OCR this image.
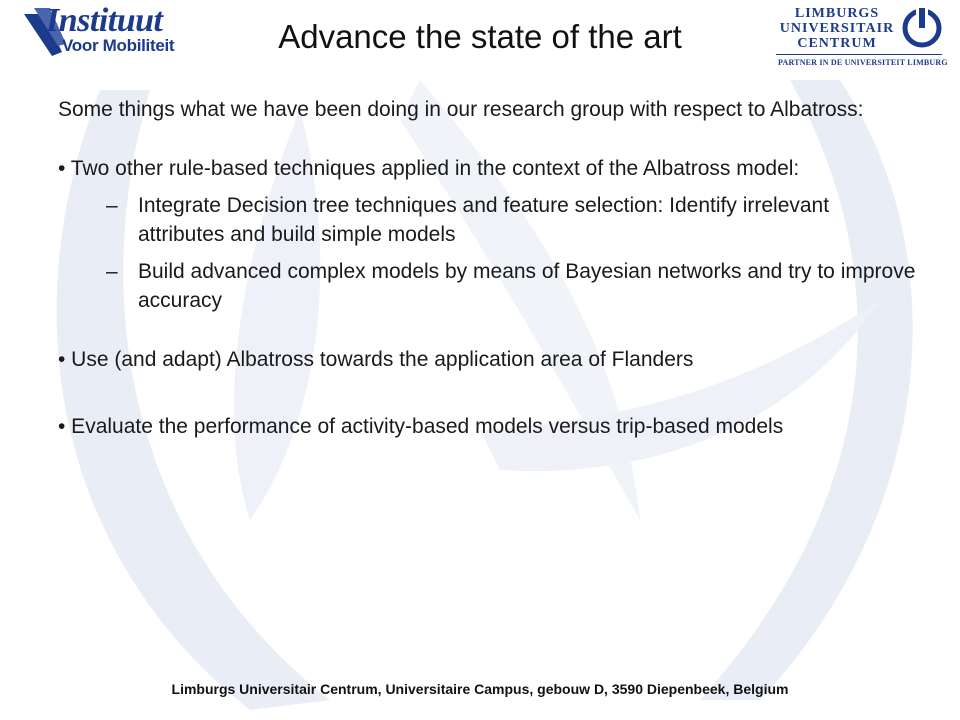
Instituut
Voor Mobiliteit	Advance the state of the art
LIMBURGS
UNIVERSITAIR
CENTRUM
PARTNER IN DE UNIVERSITEIT LIMBURG

Some things what we have been doing in our research group with respect to Albatross:

• Two other rule-based techniques applied in the context of the Albatross model:

– Integrate Decision tree techniques and feature selection: Identify irrelevant attributes and build simple models
– Build advanced complex models by means of Bayesian networks and try to improve accuracy

• Use (and adapt) Albatross towards the application area of Flanders

• Evaluate the performance of activity-based models versus trip-based models

Limburgs Universitair Centrum, Universitaire Campus, gebouw D, 3590 Diepenbeek, Belgium
